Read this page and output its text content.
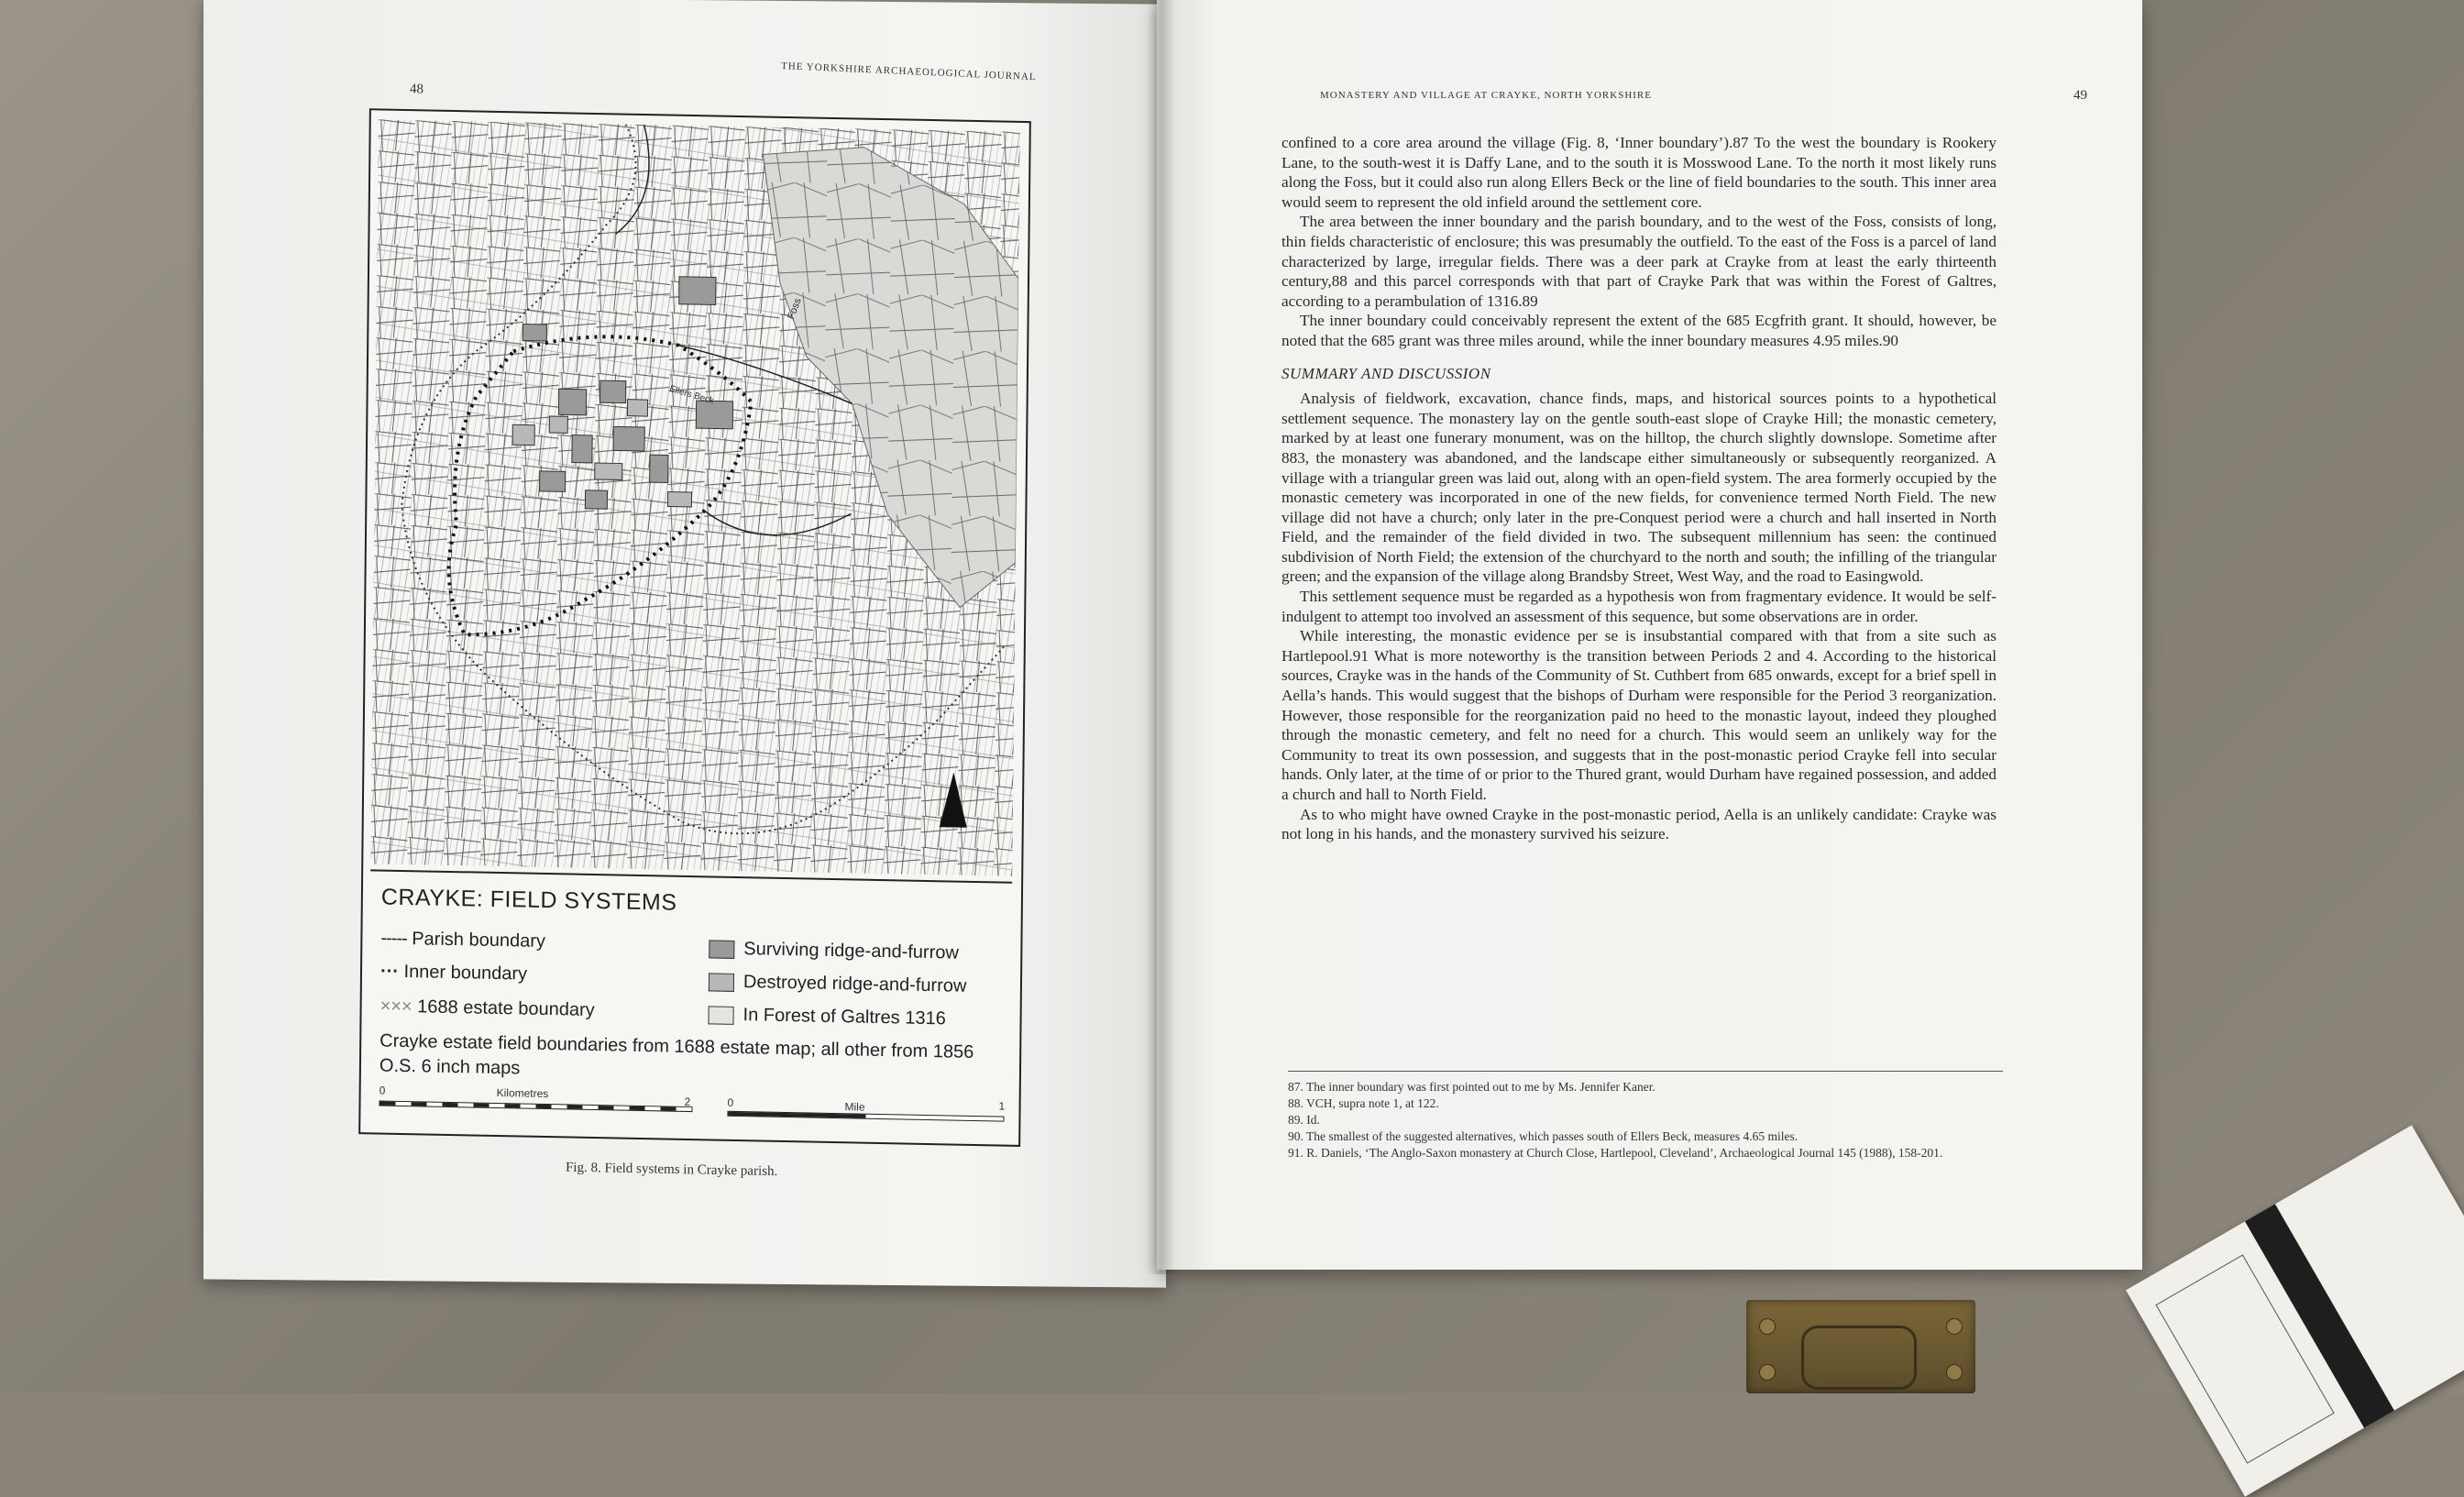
48
THE YORKSHIRE ARCHAEOLOGICAL JOURNAL
Foss
Ellers Beck
CRAYKE: FIELD SYSTEMS
----- Parish boundary
··· Inner boundary
××× 1688 estate boundary
Surviving ridge-and-furrow
Destroyed ridge-and-furrow
In Forest of Galtres 1316
Crayke estate field boundaries from 1688 estate map; all other from 1856 O.S. 6 inch maps
0	Kilometres
2	0	Mile	1
Fig. 8. Field systems in Crayke parish.
MONASTERY AND VILLAGE AT CRAYKE, NORTH YORKSHIRE	49

confined to a core area around the village (Fig. 8, ‘Inner boundary’).87 To the west the boundary is Rookery Lane, to the south-west it is Daffy Lane, and to the south it is Mosswood Lane. To the north it most likely runs along the Foss, but it could also run along Ellers Beck or the line of field boundaries to the south. This inner area would seem to represent the old infield around the settlement core.

The area between the inner boundary and the parish boundary, and to the west of the Foss, consists of long, thin fields characteristic of enclosure; this was presumably the outfield. To the east of the Foss is a parcel of land characterized by large, irregular fields. There was a deer park at Crayke from at least the early thirteenth century,88 and this parcel corresponds with that part of Crayke Park that was within the Forest of Galtres, according to a perambulation of 1316.89

The inner boundary could conceivably represent the extent of the 685 Ecgfrith grant. It should, however, be noted that the 685 grant was three miles around, while the inner boundary measures 4.95 miles.90

SUMMARY AND DISCUSSION

Analysis of fieldwork, excavation, chance finds, maps, and historical sources points to a hypothetical settlement sequence. The monastery lay on the gentle south-east slope of Crayke Hill; the monastic cemetery, marked by at least one funerary monument, was on the hilltop, the church slightly downslope. Sometime after 883, the monastery was abandoned, and the landscape either simultaneously or subsequently reorganized. A village with a triangular green was laid out, along with an open-field system. The area formerly occupied by the monastic cemetery was incorporated in one of the new fields, for convenience termed North Field. The new village did not have a church; only later in the pre-Conquest period were a church and hall inserted in North Field, and the remainder of the field divided in two. The subsequent millennium has seen: the continued subdivision of North Field; the extension of the churchyard to the north and south; the infilling of the triangular green; and the expansion of the village along Brandsby Street, West Way, and the road to Easingwold.

This settlement sequence must be regarded as a hypothesis won from fragmentary evidence. It would be self-indulgent to attempt too involved an assessment of this sequence, but some observations are in order.

While interesting, the monastic evidence per se is insubstantial compared with that from a site such as Hartlepool.91 What is more noteworthy is the transition between Periods 2 and 4. According to the historical sources, Crayke was in the hands of the Community of St. Cuthbert from 685 onwards, except for a brief spell in Aella’s hands. This would suggest that the bishops of Durham were responsible for the Period 3 reorganization. However, those responsible for the reorganization paid no heed to the monastic layout, indeed they ploughed through the monastic cemetery, and felt no need for a church. This would seem an unlikely way for the Community to treat its own possession, and suggests that in the post-monastic period Crayke fell into secular hands. Only later, at the time of or prior to the Thured grant, would Durham have regained possession, and added a church and hall to North Field.

As to who might have owned Crayke in the post-monastic period, Aella is an unlikely candidate: Crayke was not long in his hands, and the monastery survived his seizure.

87. The inner boundary was first pointed out to me by Ms. Jennifer Kaner.
88. VCH, supra note 1, at 122.
89. Id.
90. The smallest of the suggested alternatives, which passes south of Ellers Beck, measures 4.65 miles.
91. R. Daniels, ‘The Anglo-Saxon monastery at Church Close, Hartlepool, Cleveland’, Archaeological Journal 145 (1988), 158-201.
